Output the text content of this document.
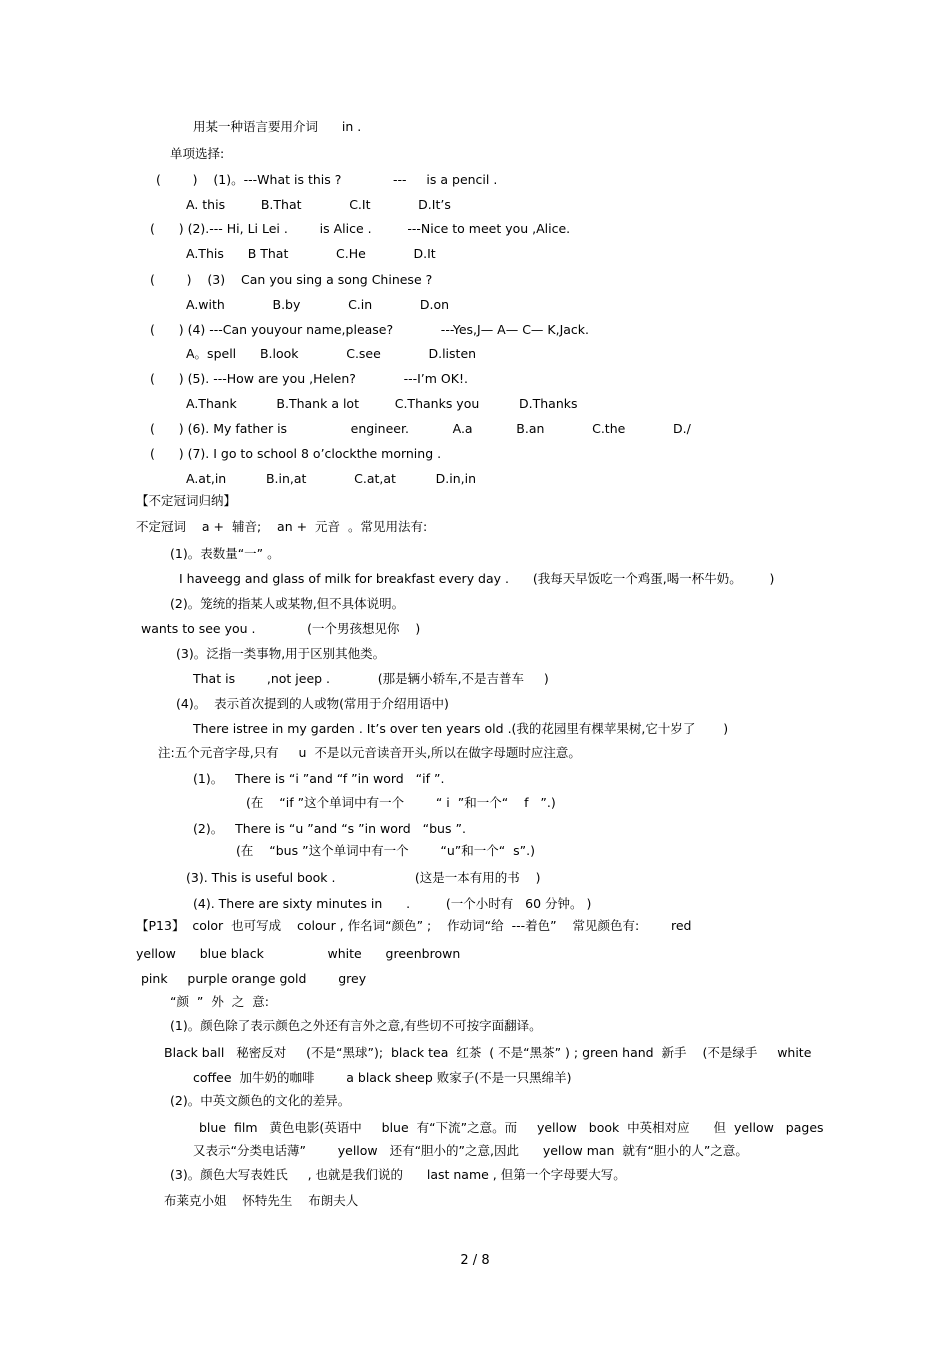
用某一种语言要用介词      in .
单项选择:
(        )    (1)。---What is this ?             ---     is a pencil .
A. this         B.That            C.It            D.It’s
(      ) (2).--- Hi, Li Lei .        is Alice .         ---Nice to meet you ,Alice.
A.This      B That            C.He            D.It
(        )    (3)    Can you sing a song Chinese ?
A.with            B.by            C.in            D.on
(      ) (4) ---Can youyour name,please?            ---Yes,J— A— C— K,Jack.
A。spell      B.look            C.see            D.listen
(      ) (5). ---How are you ,Helen?            ---I’m OK!.
A.Thank          B.Thank a lot         C.Thanks you          D.Thanks
(      ) (6). My father is                engineer.           A.a           B.an            C.the            D./
(      ) (7). I go to school 8 o’clockthe morning .
A.at,in          B.in,at            C.at,at          D.in,in
【不定冠词归纳】
不定冠词    a +  辅音;    an +  元音  。常见用法有:
(1)。表数量“一” 。
I haveegg and glass of milk for breakfast every day .      (我每天早饭吃一个鸡蛋,喝一杯牛奶。       )
(2)。笼统的指某人或某物,但不具体说明。
wants to see you .             (一个男孩想见你    )
(3)。泛指一类事物,用于区别其他类。
That is        ,not jeep .            (那是辆小轿车,不是吉普车     )
(4)。  表示首次提到的人或物(常用于介绍用语中)
There istree in my garden . It’s over ten years old .(我的花园里有棵苹果树,它十岁了       )
注:五个元音字母,只有     u  不是以元音读音开头,所以在做字母题时应注意。
(1)。   There is “i ”and “f ”in word   “if ”.
(在    “if ”这个单词中有一个        “ i  ”和一个“    f   ”.)
(2)。   There is “u ”and “s ”in word   “bus ”.
(在    “bus ”这个单词中有一个        “u”和一个“  s”.)
(3). This is useful book .                    (这是一本有用的书    )
(4). There are sixty minutes in      .         (一个小时有   60 分钟。 )
【P13】  color  也可写成    colour , 作名词“颜色” ;    作动词“给  ---着色”    常见颜色有:        red
yellow      blue black                white      greenbrown
pink     purple orange gold        grey
“颜  ”  外  之  意:
(1)。颜色除了表示颜色之外还有言外之意,有些切不可按字面翻译。
Black ball   秘密反对     (不是“黑球”);  black tea  红茶  ( 不是“黑茶” ) ; green hand  新手    (不是绿手     white
coffee  加牛奶的咖啡        a black sheep 败家子(不是一只黑绵羊)
(2)。中英文颜色的文化的差异。
blue  film   黄色电影(英语中     blue  有“下流”之意。而     yellow   book  中英相对应      但  yellow   pages
又表示“分类电话薄”        yellow   还有“胆小的”之意,因此      yellow man  就有“胆小的人”之意。
(3)。颜色大写表姓氏     , 也就是我们说的      last name , 但第一个字母要大写。
布莱克小姐    怀特先生    布朗夫人
2 / 8
